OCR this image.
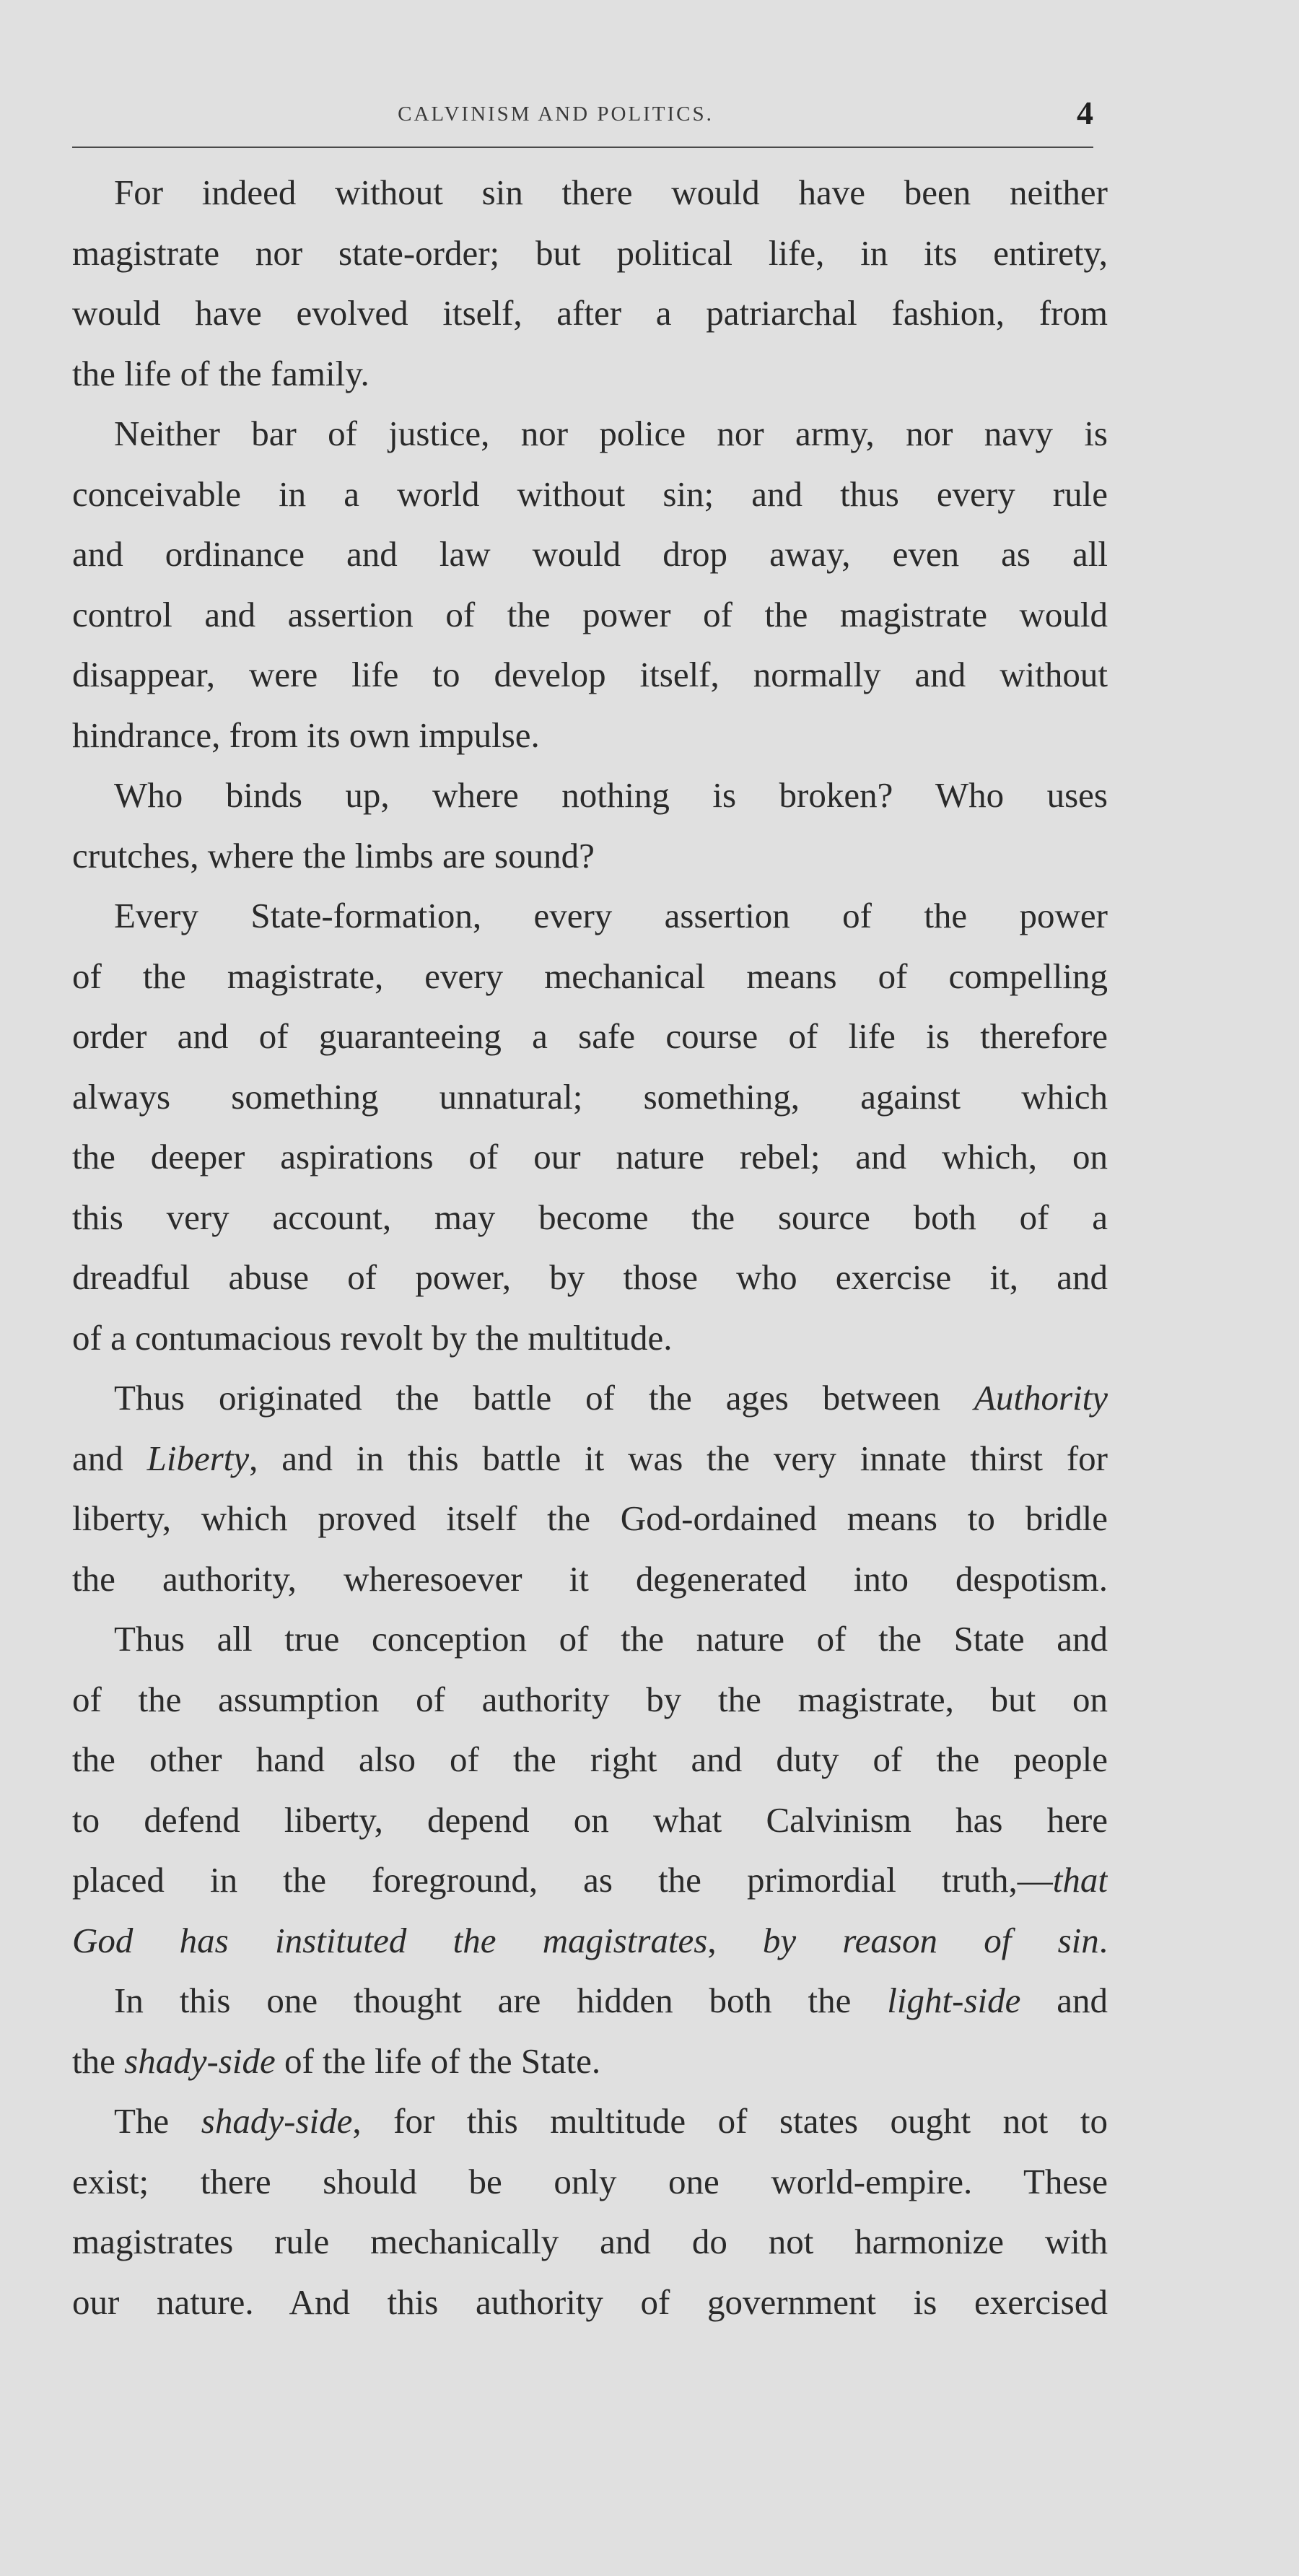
CALVINISM AND POLITICS.	4
For indeed without sin there would have been neither
magistrate nor state-order; but political life, in its entirety,
would have evolved itself, after a patriarchal fashion, from
the life of the family.
Neither bar of justice, nor police nor army, nor navy is
conceivable in a world without sin; and thus every rule
and ordinance and law would drop away, even as all
control and assertion of the power of the magistrate would
disappear, were life to develop itself, normally and without
hindrance, from its own impulse.
Who binds up, where nothing is broken? Who uses
crutches, where the limbs are sound?
Every State-formation, every assertion of the power
of the magistrate, every mechanical means of compelling
order and of guaranteeing a safe course of life is therefore
always something unnatural; something, against which
the deeper aspirations of our nature rebel; and which, on
this very account, may become the source both of a
dreadful abuse of power, by those who exercise it, and
of a contumacious revolt by the multitude.
Thus originated the battle of the ages between Authority
and Liberty, and in this battle it was the very innate thirst for
liberty, which proved itself the God-ordained means to bridle
the authority, wheresoever it degenerated into despotism.
Thus all true conception of the nature of the State and
of the assumption of authority by the magistrate, but on
the other hand also of the right and duty of the people
to defend liberty, depend on what Calvinism has here
placed in the foreground, as the primordial truth,—that
God has instituted the magistrates, by reason of sin.
In this one thought are hidden both the light-side and
the shady-side of the life of the State.
The shady-side, for this multitude of states ought not to
exist; there should be only one world-empire. These
magistrates rule mechanically and do not harmonize with
our nature. And this authority of government is exercised
